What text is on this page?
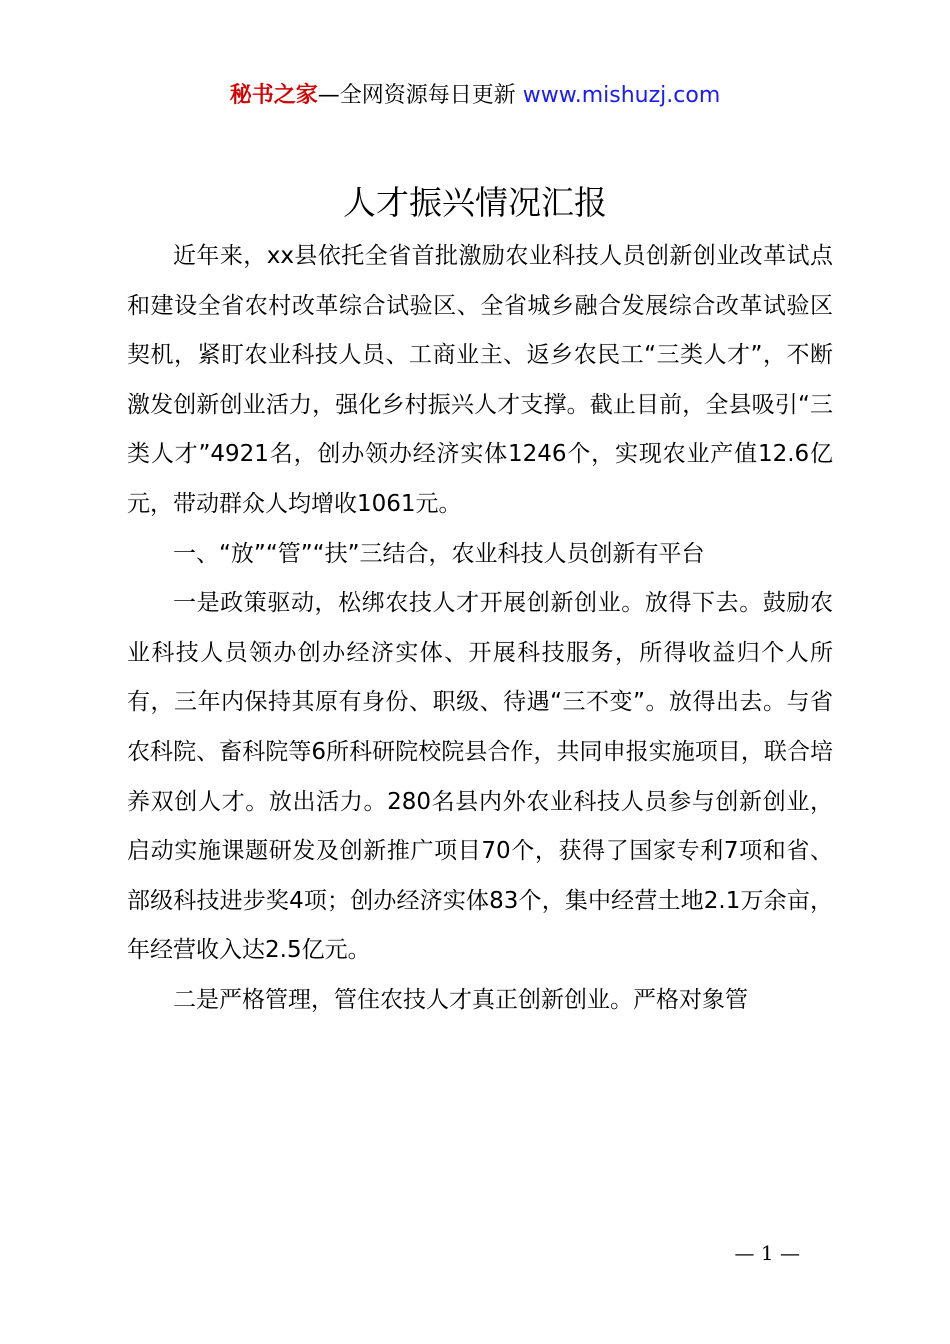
秘书之家—全网资源每日更新 www.mishuzj.com
人才振兴情况汇报

近年来，xx县依托全省首批激励农业科技人员创新创业改革试点和建设全省农村改革综合试验区、全省城乡融合发展综合改革试验区契机，紧盯农业科技人员、工商业主、返乡农民工“三类人才”，不断激发创新创业活力，强化乡村振兴人才支撑。截止目前，全县吸引“三类人才”4921名，创办领办经济实体1246个，实现农业产值12.6亿元，带动群众人均增收1061元。

一、“放”“管”“扶”三结合，农业科技人员创新有平台

一是政策驱动，松绑农技人才开展创新创业。放得下去。鼓励农业科技人员领办创办经济实体、开展科技服务，所得收益归个人所有，三年内保持其原有身份、职级、待遇“三不变”。放得出去。与省农科院、畜科院等6所科研院校院县合作，共同申报实施项目，联合培养双创人才。放出活力。280名县内外农业科技人员参与创新创业，启动实施课题研发及创新推广项目70个，获得了国家专利7项和省、部级科技进步奖4项；创办经济实体83个，集中经营土地2.1万余亩，年经营收入达2.5亿元。

二是严格管理，管住农技人才真正创新创业。严格对象管

— 1 —
